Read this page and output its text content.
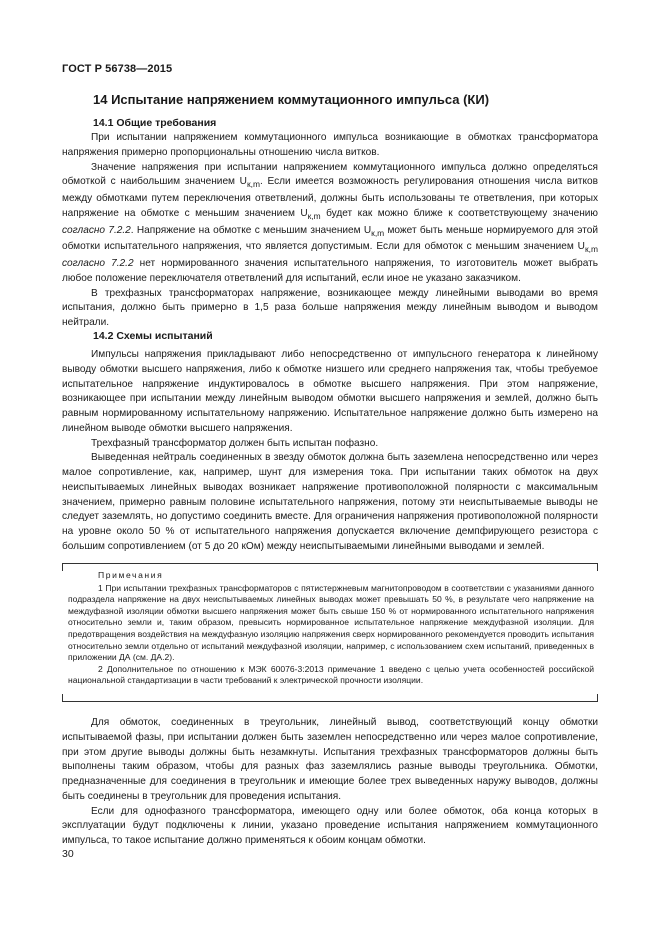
ГОСТ Р 56738—2015
14 Испытание напряжением коммутационного импульса (КИ)
14.1 Общие требования

При испытании напряжением коммутационного импульса возникающие в обмотках трансформатора напряжения примерно пропорциональны отношению числа витков.

Значение напряжения при испытании напряжением коммутационного импульса должно определяться обмоткой с наибольшим значением $U_{к,m}$. Если имеется возможность регулирования отношения числа витков между обмотками путем переключения ответвлений, должны быть использованы те ответвления, при которых напряжение на обмотке с меньшим значением $U_{к,m}$ будет как можно ближе к соответствующему значению согласно 7.2.2. Напряжение на обмотке с меньшим значением $U_{к,m}$ может быть меньше нормируемого для этой обмотки испытательного напряжения, что является допустимым. Если для обмоток с меньшим значением $U_{к,m}$ согласно 7.2.2 нет нормированного значения испытательного напряжения, то изготовитель может выбрать любое положение переключателя ответвлений для испытаний, если иное не указано заказчиком.

В трехфазных трансформаторах напряжение, возникающее между линейными выводами во время испытания, должно быть примерно в 1,5 раза больше напряжения между линейным выводом и выводом нейтрали.

14.2 Схемы испытаний

Импульсы напряжения прикладывают либо непосредственно от импульсного генератора к линейному выводу обмотки высшего напряжения, либо к обмотке низшего или среднего напряжения так, чтобы требуемое испытательное напряжение индуктировалось в обмотке высшего напряжения. При этом напряжение, возникающее при испытании между линейным выводом обмотки высшего напряжения и землей, должно быть равным нормированному испытательному напряжению. Испытательное напряжение должно быть измерено на линейном выводе обмотки высшего напряжения.

Трехфазный трансформатор должен быть испытан пофазно.

Выведенная нейтраль соединенных в звезду обмоток должна быть заземлена непосредственно или через малое сопротивление, как, например, шунт для измерения тока. При испытании таких обмоток на двух неиспытываемых линейных выводах возникает напряжение противоположной полярности с максимальным значением, примерно равным половине испытательного напряжения, потому эти неиспытываемые выводы не следует заземлять, но допустимо соединить вместе. Для ограничения напряжения противоположной полярности на уровне около 50 % от испытательного напряжения допускается включение демпфирующего резистора с большим сопротивлением (от 5 до 20 кОм) между неиспытываемыми линейными выводами и землей.

Примечания

1 При испытании трехфазных трансформаторов с пятистержневым магнитопроводом в соответствии с указаниями данного подраздела напряжение на двух неиспытываемых линейных выводах может превышать 50 %, в результате чего напряжение на междуфазной изоляции обмотки высшего напряжения может быть свыше 150 % от нормированного испытательного напряжения относительно земли и, таким образом, превысить нормированное испытательное напряжение междуфазной изоляции. Для предотвращения воздействия на междуфазную изоляцию напряжения сверх нормированного рекомендуется проводить испытания относительно земли отдельно от испытаний междуфазной изоляции, например, с использованием схем испытаний, приведенных в приложении ДА (см. ДА.2).

2 Дополнительное по отношению к МЭК 60076-3:2013 примечание 1 введено с целью учета особенностей российской национальной стандартизации в части требований к электрической прочности изоляции.

Для обмоток, соединенных в треугольник, линейный вывод, соответствующий концу обмотки испытываемой фазы, при испытании должен быть заземлен непосредственно или через малое сопротивление, при этом другие выводы должны быть незамкнуты. Испытания трехфазных трансформаторов должны быть выполнены таким образом, чтобы для разных фаз заземлялись разные выводы треугольника. Обмотки, предназначенные для соединения в треугольник и имеющие более трех выведенных наружу выводов, должны быть соединены в треугольник для проведения испытания.

Если для однофазного трансформатора, имеющего одну или более обмоток, оба конца которых в эксплуатации будут подключены к линии, указано проведение испытания напряжением коммутационного импульса, то такое испытание должно применяться к обоим концам обмотки.

30
